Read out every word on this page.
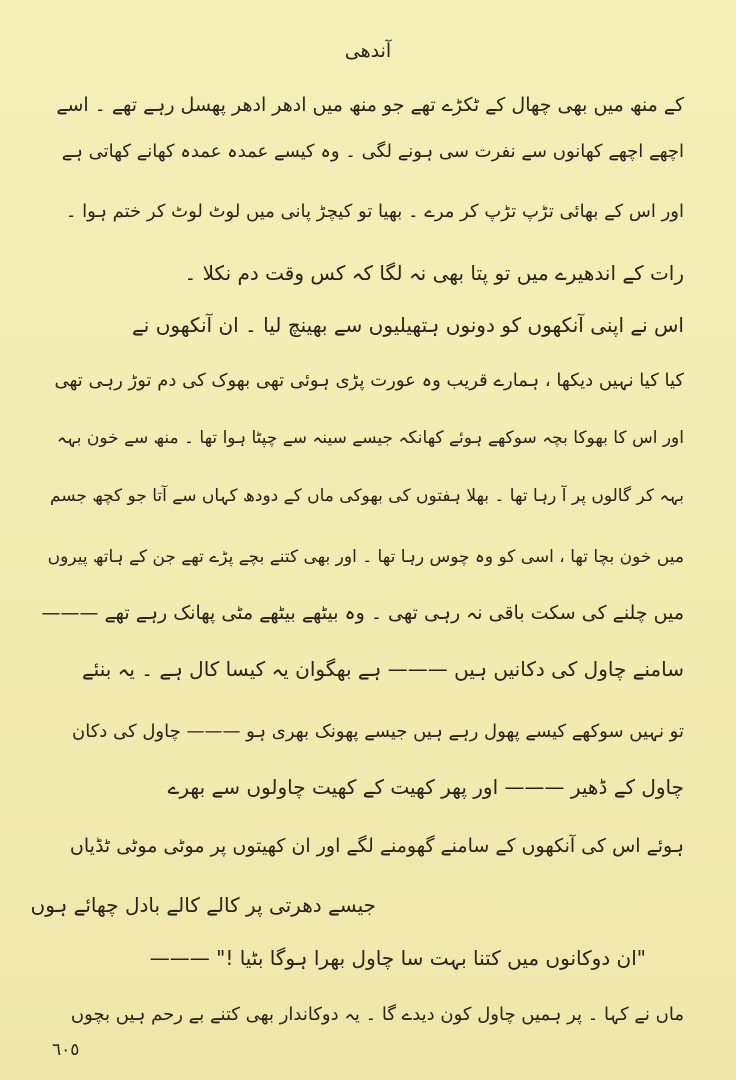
آندھی
کے منھ میں بھی چھال کے ٹکڑے تھے جو منھ میں ادھر ادھر پھسل رہے تھے ۔ اسے
اچھے اچھے کھانوں سے نفرت سی ہونے لگی ۔ وہ کیسے عمدہ عمدہ کھانے کھاتی ہے
اور اس کے بھائی تڑپ تڑپ کر مرے ۔ بھیا تو کیچڑ پانی میں لوٹ لوٹ کر ختم ہوا ۔
رات کے اندھیرے میں تو پتا بھی نہ لگا کہ کس وقت دم نکلا ۔
اس نے اپنی آنکھوں کو دونوں ہتھیلیوں سے بھینچ لیا ۔ ان آنکھوں نے
کیا کیا نہیں دیکھا ، ہمارے قریب وہ عورت پڑی ہوئی تھی بھوک کی دم توڑ رہی تھی
اور اس کا بھوکا بچہ سوکھے ہوئے کھانکہ جیسے سینہ سے چپٹا ہوا تھا ۔ منھ سے خون بہہ
بہہ کر گالوں پر آ رہا تھا ۔ بھلا ہفتوں کی بھوکی ماں کے دودھ کہاں سے آتا جو کچھ جسم
میں خون بچا تھا ، اسی کو وہ چوس رہا تھا ۔ اور بھی کتنے بچے پڑے تھے جن کے ہاتھ پیروں
میں چلنے کی سکت باقی نہ رہی تھی ۔ وہ بیٹھے بیٹھے مٹی پھانک رہے تھے ———
سامنے چاول کی دکانیں ہیں ——— ہے بھگوان یہ کیسا کال ہے ۔ یہ بنئے
تو نہیں سوکھے کیسے پھول رہے ہیں جیسے پھونک بھری ہو ——— چاول کی دکان
چاول کے ڈھیر ——— اور پھر کھیت کے کھیت چاولوں سے بھرے
ہوئے اس کی آنکھوں کے سامنے گھومنے لگے اور ان کھیتوں پر موٹی موٹی ٹڈیاں
جیسے دھرتی پر کالے کالے بادل چھائے ہوں
"ان دوکانوں میں کتنا بہت سا چاول بھرا ہوگا بٹیا !" ———
ماں نے کہا ۔ پر ہمیں چاول کون دیدے گا ۔ یہ دوکاندار بھی کتنے بے رحم ہیں بچوں
٦٠٥
